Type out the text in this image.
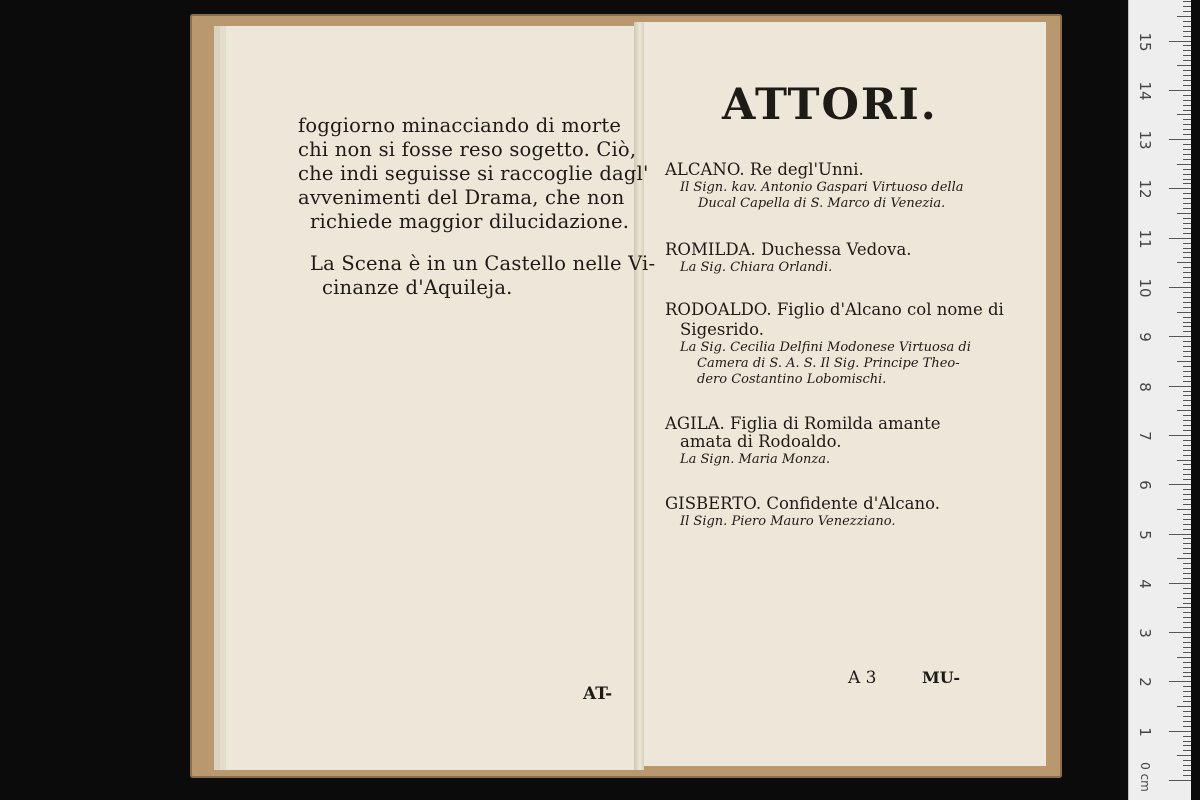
foggiorno minacciando di morte
chi non si fosse reso sogetto. Ciò,
che indi seguisse si raccoglie dagl'
avvenimenti del Drama, che non
richiede maggior dilucidazione.
La Scena è in un Castello nelle Vi-
cinanze d'Aquileja.
AT-
ATTORI.
ALCANO. Re degl'Unni.
Il Sign. kav. Antonio Gaspari Virtuoso della
Ducal Capella di S. Marco di Venezia.
ROMILDA. Duchessa Vedova.
La Sig. Chiara Orlandi.
RODOALDO. Figlio d'Alcano col nome di
Sigesrido.
La Sig. Cecilia Delfini Modonese Virtuosa di
Camera di S. A. S. Il Sig. Principe Theo-
dero Costantino Lobomischi.
AGILA. Figlia di Romilda amante
amata di Rodoaldo.
La Sign. Maria Monza.
GISBERTO. Confidente d'Alcano.
Il Sign. Piero Mauro Venezziano.
A 3	MU-
0 cm
1
2
3
4
5
6
7
8
9
10
11
12
13
14
15
